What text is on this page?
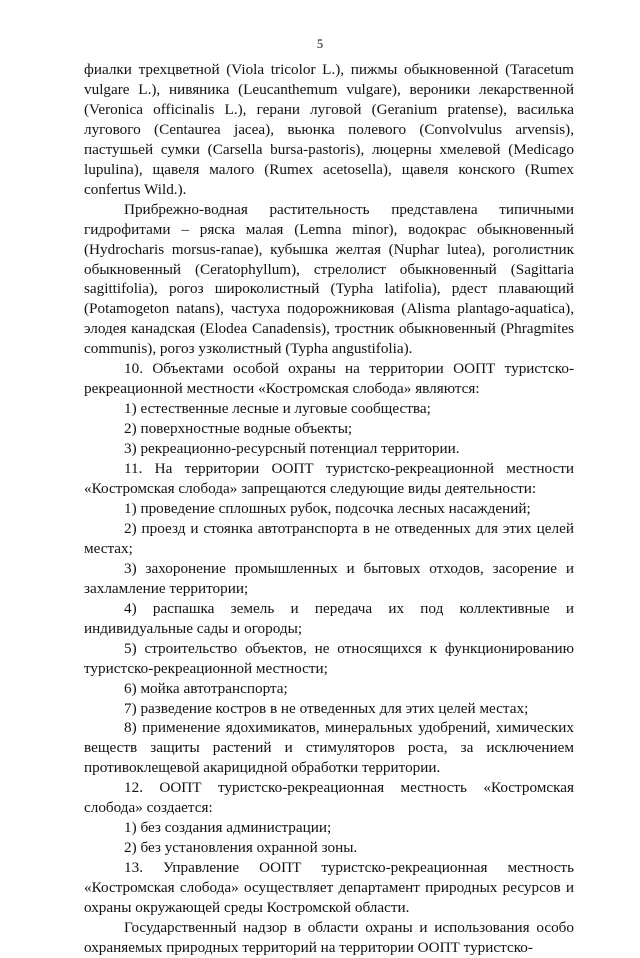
5

фиалки трехцветной (Viola tricolor L.), пижмы обыкновенной (Taracetum vulgare L.), нивяника (Leucanthemum vulgare), вероники лекарственной (Veronica officinalis L.), герани луговой (Geranium pratense), василька лугового (Centaurea jacea), вьюнка полевого (Convolvulus arvensis), пастушьей сумки (Carsella bursa-pastoris), люцерны хмелевой (Medicago lupulina), щавеля малого (Rumex acetosella), щавеля конского (Rumex confertus Wild.).

Прибрежно-водная растительность представлена типичными гидрофитами – ряска малая (Lemna minor), водокрас обыкновенный (Hydrocharis morsus-ranae), кубышка желтая (Nuphar lutea), роголистник обыкновенный (Ceratophyllum), стрелолист обыкновенный (Sagittaria sagittifolia), рогоз широколистный (Typha latifolia), рдест плавающий (Potamogeton natans), частуха подорожниковая (Alisma plantago-aquatica), элодея канадская (Elodea Canadensis), тростник обыкновенный (Phragmites communis), рогоз узколистный (Typha angustifolia).

10. Объектами особой охраны на территории ООПТ туристско-рекреационной местности «Костромская слобода» являются:

1) естественные лесные и луговые сообщества;

2) поверхностные водные объекты;

3) рекреационно-ресурсный потенциал территории.

11. На территории ООПТ туристско-рекреационной местности «Костромская слобода» запрещаются следующие виды деятельности:

1) проведение сплошных рубок, подсочка лесных насаждений;

2) проезд и стоянка автотранспорта в не отведенных для этих целей местах;

3) захоронение промышленных и бытовых отходов, засорение и захламление территории;

4) распашка земель и передача их под коллективные и индивидуальные сады и огороды;

5) строительство объектов, не относящихся к функционированию туристско-рекреационной местности;

6) мойка автотранспорта;

7) разведение костров в не отведенных для этих целей местах;

8) применение ядохимикатов, минеральных удобрений, химических веществ защиты растений и стимуляторов роста, за исключением противоклещевой акарицидной обработки территории.

12. ООПТ туристско-рекреационная местность «Костромская слобода» создается:

1) без создания администрации;

2) без установления охранной зоны.

13. Управление ООПТ туристско-рекреационная местность «Костромская слобода» осуществляет департамент природных ресурсов и охраны окружающей среды Костромской области.

Государственный надзор в области охраны и использования особо охраняемых природных территорий на территории ООПТ туристско-
